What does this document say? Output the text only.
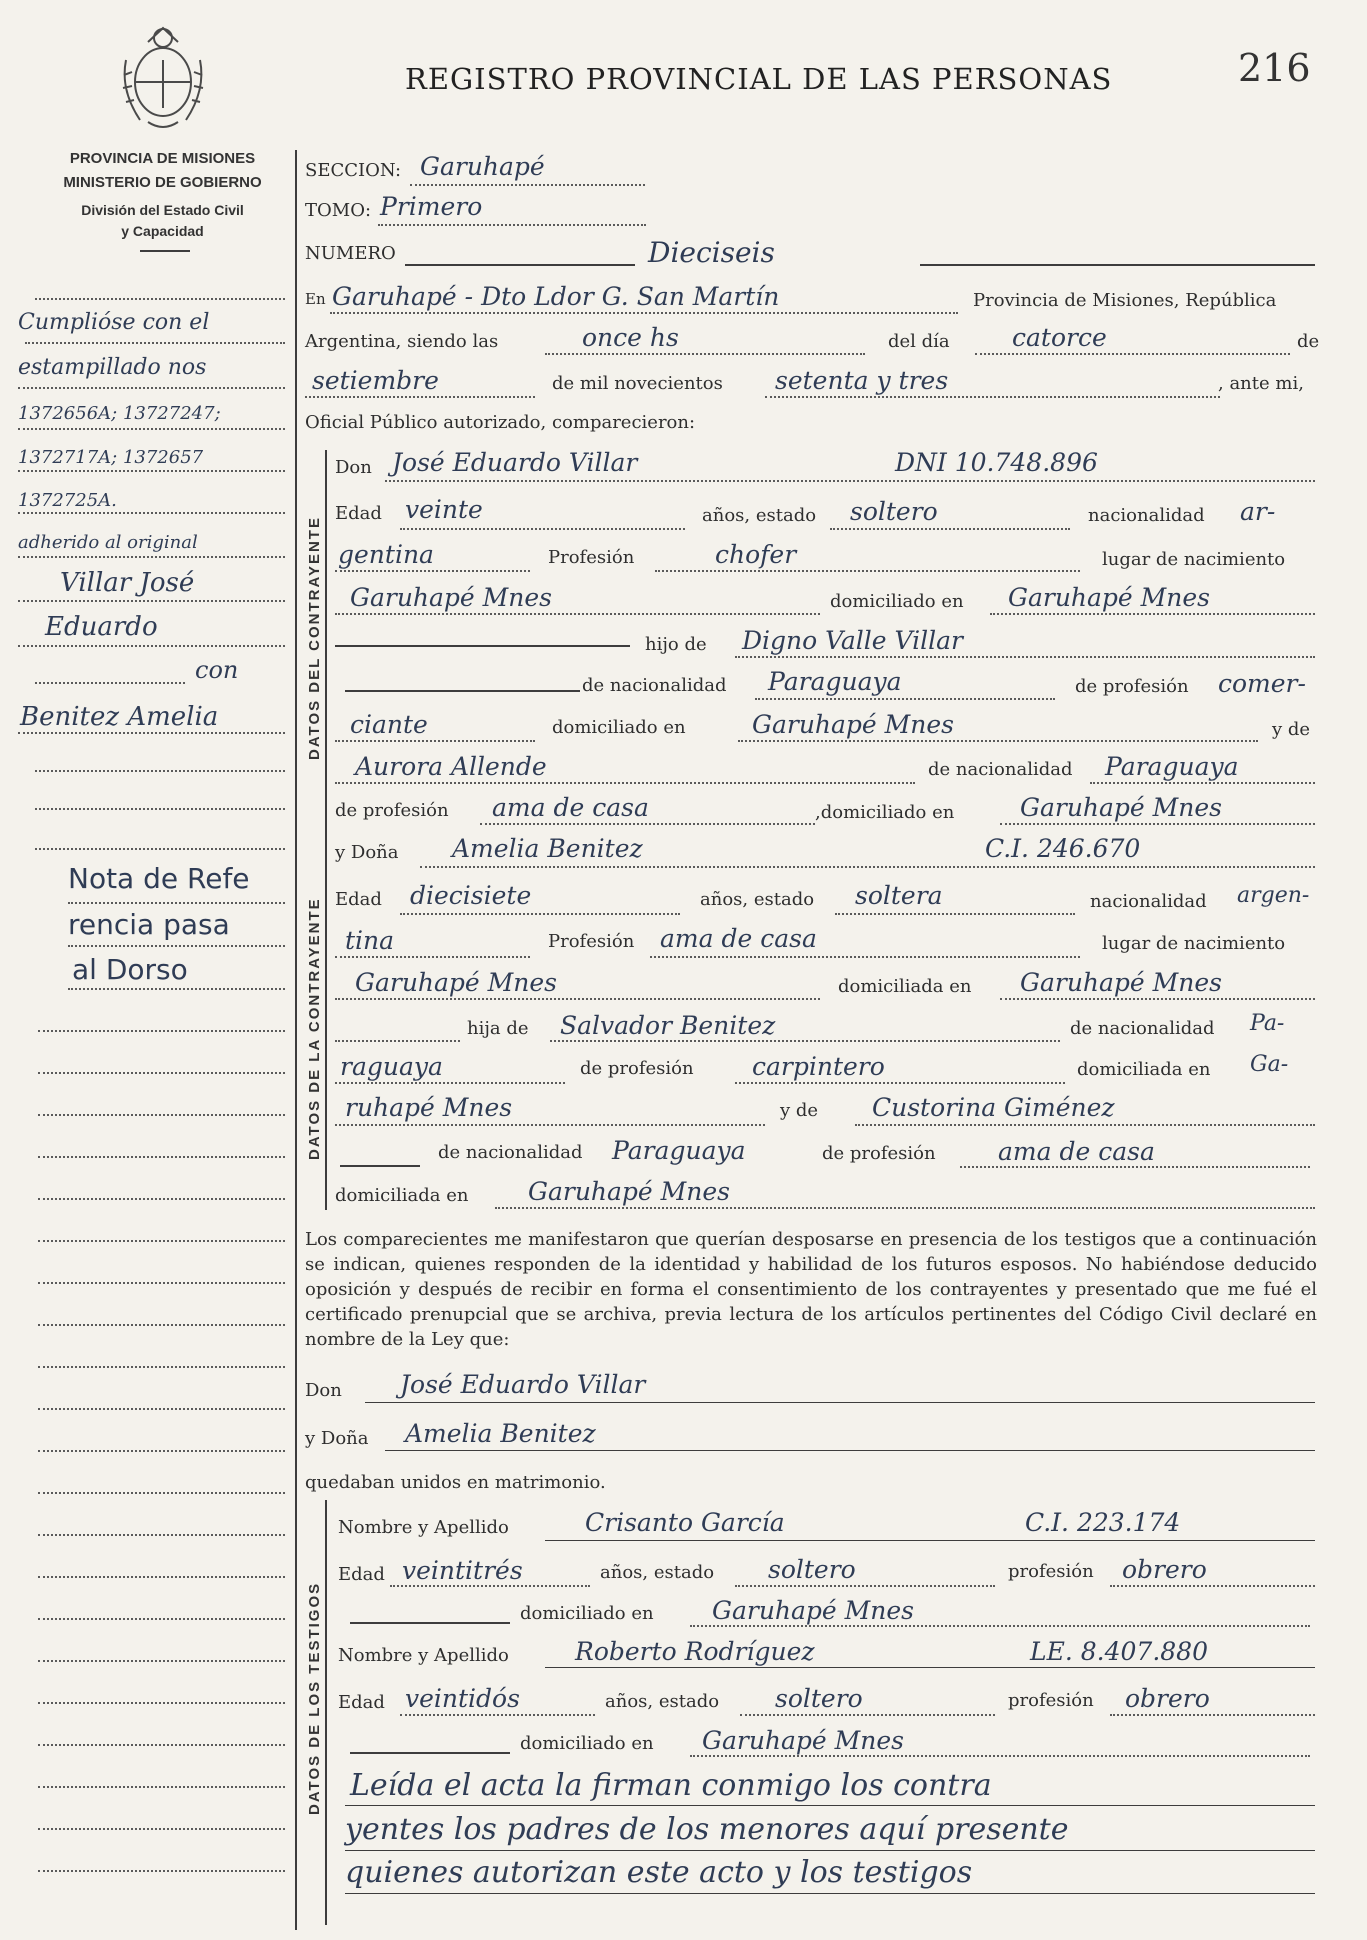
REGISTRO PROVINCIAL DE LAS PERSONAS	216
PROVINCIA DE MISIONES
MINISTERIO DE GOBIERNO
División del Estado Civil
y Capacidad
SECCION: Garuhapé
TOMO: Primero
NUMERO	Dieciseis
En Garuhapé - Dto Ldor G. San Martín	Provincia de Misiones, República
Argentina, siendo las	once hs	del día catorce	de
setiembre	de mil novecientos setenta y tres	, ante mi,
Oficial Público autorizado, comparecieron:
DATOS DEL CONTRAYENTE
Don José Eduardo Villar	DNI 10.748.896
Edad veinte	años, estado soltero	nacionalidad ar-
gentina	Profesión	chofer	lugar de nacimiento
Garuhapé Mnes	domiciliado en Garuhapé Mnes
hijo de Digno Valle Villar
de nacionalidad Paraguaya	de profesión comer-
ciante	domiciliado en	Garuhapé Mnes	y de
Aurora Allende	de nacionalidad Paraguaya
de profesión ama de casa	,domiciliado en	Garuhapé Mnes
DATOS DE LA CONTRAYENTE
y Doña Amelia Benitez	C.I. 246.670
Edad diecisiete	años, estado soltera	nacionalidad argen-
tina	Profesión ama de casa	lugar de nacimiento
Garuhapé Mnes	domiciliada en Garuhapé Mnes
hija de Salvador Benitez	de nacionalidad Pa-
raguaya	de profesión carpintero	domiciliada en Ga-
ruhapé Mnes	y de Custorina Giménez
de nacionalidad Paraguaya	de profesión ama de casa
domiciliada en Garuhapé Mnes
Los comparecientes me manifestaron que querían desposarse en presencia de los testigos que a continuación se indican, quienes responden de la identidad y habilidad de los futuros esposos. No habiéndose deducido oposición y después de recibir en forma el consentimiento de los contrayentes y presentado que me fué el certificado prenupcial que se archiva, previa lectura de los artículos pertinentes del Código Civil declaré en nombre de la Ley que:
Don José Eduardo Villar
y Doña Amelia Benitez
quedaban unidos en matrimonio.
DATOS DE LOS TESTIGOS
Nombre y Apellido	Crisanto García	C.I. 223.174
Edad veintitrés	años, estado soltero	profesión obrero
domiciliado en Garuhapé Mnes
Nombre y Apellido	Roberto Rodríguez	LE. 8.407.880
Edad veintidós	años, estado soltero	profesión obrero
domiciliado en Garuhapé Mnes
Leída el acta la firman conmigo los contra
yentes los padres de los menores aquí presente
quienes autorizan este acto y los testigos
Cumplióse con el
estampillado nos
1372656A; 13727247;
1372717A; 1372657
1372725A.
adherido al original
Villar José
Eduardo
con
Benitez Amelia
Nota de Refe
rencia pasa
al Dorso
